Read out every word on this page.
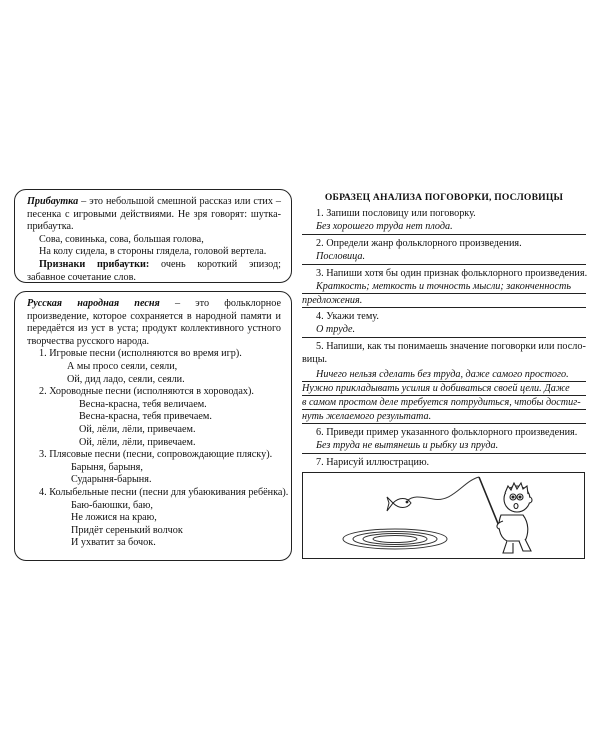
Прибаутка – это небольшой смешной рассказ или стих – песенка с игровыми действиями. Не зря говорят: шутка-прибаутка.
Сова, совинька, сова, большая голова,
На колу сидела, в стороны глядела, головой вертела.
Признаки прибаутки: очень короткий эпизод; забавное сочетание слов.
Русская народная песня – это фольклорное произведение, которое сохраняется в народной памяти и передаётся из уст в уста; продукт коллективного устного творчества русского народа.
1. Игровые песни (исполняются во время игр).
А мы просо сеяли, сеяли,
Ой, дид ладо, сеяли, сеяли.
2. Хороводные песни (исполняются в хороводах).
Весна-красна, тебя величаем.
Весна-красна, тебя привечаем.
Ой, лёли, лёли, привечаем.
Ой, лёли, лёли, привечаем.
3. Плясовые песни (песни, сопровождающие пляску).
Барыня, барыня,
Сударыня-барыня.
4. Колыбельные песни (песни для убаюкивания ребёнка).
Баю-баюшки, баю,
Не ложися на краю,
Придёт серенький волчок
И ухватит за бочок.
ОБРАЗЕЦ АНАЛИЗА ПОГОВОРКИ, ПОСЛОВИЦЫ
1. Запиши пословицу или поговорку.
Без хорошего труда нет плода.
2. Определи жанр фольклорного произведения.
Пословица.
3. Напиши хотя бы один признак фольклорного произведения.
Краткость; меткость и точность мысли; законченность
предложения.
4. Укажи тему.
О труде.
5. Напиши, как ты понимаешь значение поговорки или посло-
вицы.
Ничего нельзя сделать без труда, даже самого простого.
Нужно прикладывать усилия и добиваться своей цели. Даже
в самом простом деле требуется потрудиться, чтобы достиг-
нуть желаемого результата.
6. Приведи пример указанного фольклорного произведения.
Без труда не вытянешь и рыбку из пруда.
7. Нарисуй иллюстрацию.
